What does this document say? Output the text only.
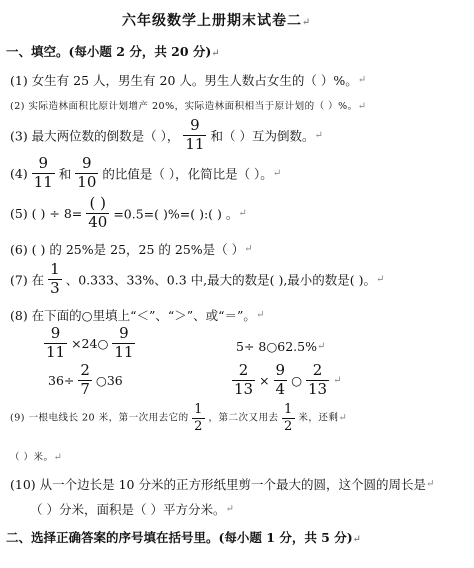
六年级数学上册期末试卷二↵
一、填空。(每小题 2 分，共 20 分)↵
(1) 女生有 25 人，男生有 20 人。男生人数占女生的（ ）%。↵
(2) 实际造林面积比原计划增产 20%，实际造林面积相当于原计划的（ ）%。↵
(3) 最大两位数的倒数是（ ）， $\frac{9}{11}$ 和（ ）互为倒数。↵
$(4) \frac{9}{11}$ 和 $\frac{9}{10}$ 的比值是（ ），化简比是（ ）。↵
(5) ( ) ÷ $8= \frac{( )}{40} =0.5=$( )%=( ):( ) 。↵
(6) ( ) 的 25%是 25，25 的 25%是（ ）↵
(7) 在 $\frac{1}{3}$ 、0.333、33%、0.3 中,最大的数是( ),最小的数是( )。↵
(8) 在下面的○里填上“＜”、“＞”、或“＝”。↵
$\frac{9}{11}$ ×24○ $\frac{9}{11}$	5÷ 8○62.5%↵
$36\div \frac{2}{7}$ ○36	$\frac{2}{13} \times \frac{9}{4}$ ○ $\frac{2}{13}$ ↵
(9) 一根电线长 20 米，第一次用去它的 $\frac{1}{2}$ ，第二次又用去 $\frac{1}{2}$ 米，还剩↵
（ ）米。↵
(10) 从一个边长是 10 分米的正方形纸里剪一个最大的圆，这个圆的周长是↵
（ ）分米，面积是（ ）平方分米。↵
二、选择正确答案的序号填在括号里。(每小题 1 分，共 5 分)↵
